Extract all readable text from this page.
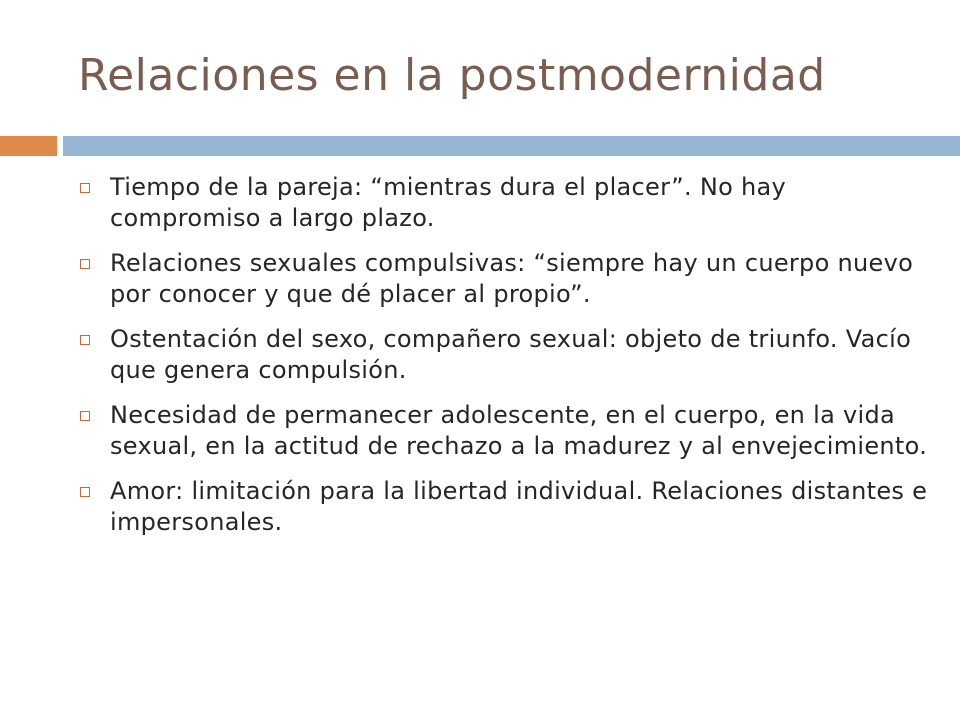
Relaciones en la postmodernidad
Tiempo de la pareja: “mientras dura el placer”. No hay compromiso a largo plazo.
Relaciones sexuales compulsivas: “siempre hay un cuerpo nuevo por conocer y que dé placer al propio”.
Ostentación del sexo, compañero sexual: objeto de triunfo. Vacío que genera compulsión.
Necesidad de permanecer adolescente, en el cuerpo, en la vida sexual, en la actitud de rechazo a la madurez y al envejecimiento.
Amor: limitación para la libertad individual. Relaciones distantes e impersonales.
